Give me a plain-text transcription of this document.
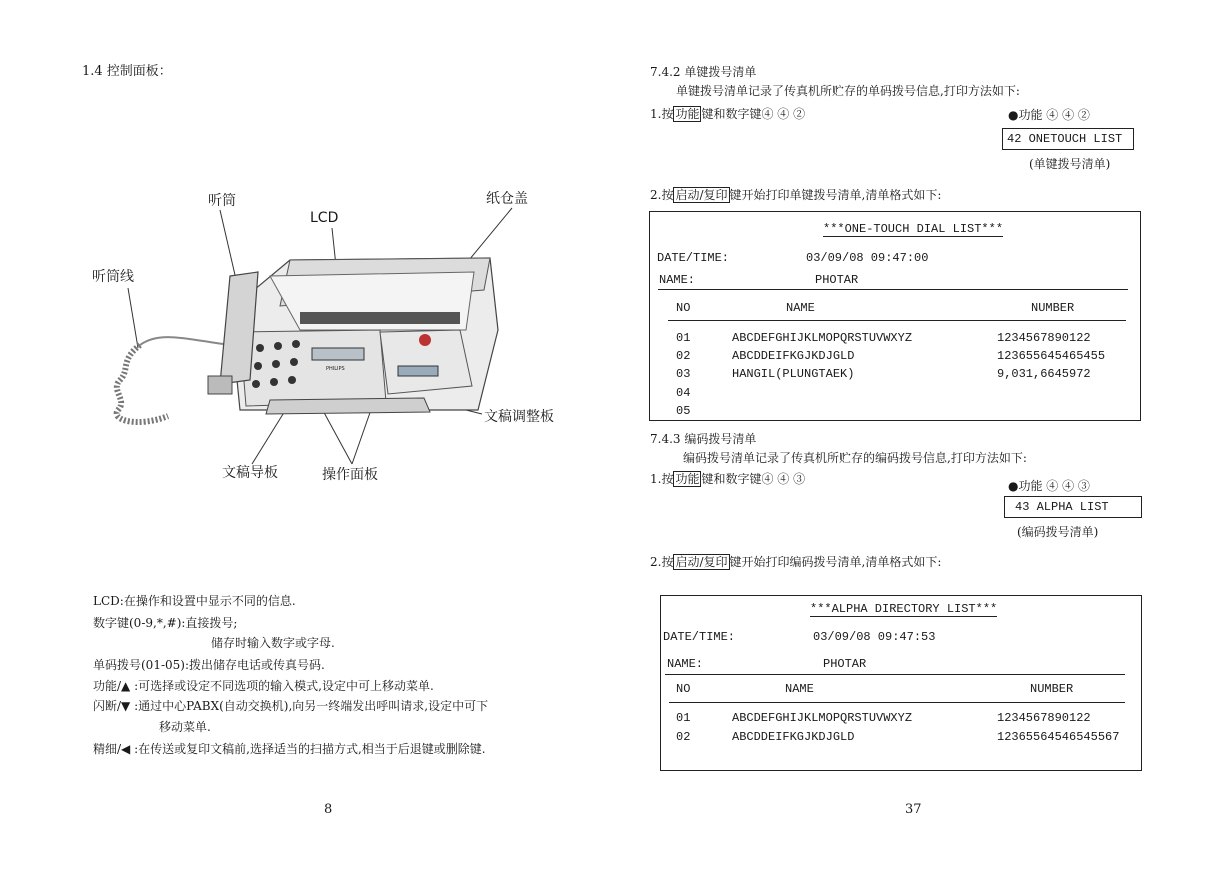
1.4 控制面板：
PHILIPS
听筒
LCD
纸仓盖
听筒线
文稿调整板
文稿导板	操作面板
LCD:在操作和设置中显示不同的信息.
数字键(0-9,*,#):直接拨号;
储存时输入数字或字母.
单码拨号(01-05):拨出储存电话或传真号码.
功能/▲ :可选择或设定不同选项的输入模式,设定中可上移动菜单.
闪断/▼ :通过中心PABX(自动交换机),向另一终端发出呼叫请求,设定中可下
移动菜单.
精细/◀ :在传送或复印文稿前,选择适当的扫描方式,相当于后退键或删除键.
8
7.4.2 单键拨号清单
单键拨号清单记录了传真机所贮存的单码拨号信息,打印方法如下:
1.按 功能 键和数字键④ ④ ②	●功能 ④ ④ ②
42 ONETOUCH LIST
(单键拨号清单)
2.按 启动/复印 键开始打印单键拨号清单,清单格式如下:
***ONE-TOUCH DIAL LIST***
DATE/TIME:	03/09/08 09:47:00
NAME:	PHOTAR
NO	NAME	NUMBER
01	ABCDEFGHIJKLMOPQRSTUVWXYZ	1234567890122
02	ABCDDEIFKGJKDJGLD	123655645465455
03	HANGIL(PLUNGTAEK)	9,031,6645972
04
05
7.4.3 编码拨号清单
编码拨号清单记录了传真机所贮存的编码拨号信息,打印方法如下:
1.按 功能 键和数字键④ ④ ③	●功能 ④ ④ ③
43 ALPHA LIST
(编码拨号清单)
2.按 启动/复印 键开始打印编码拨号清单,清单格式如下:
***ALPHA DIRECTORY LIST***
DATE/TIME:	03/09/08 09:47:53
NAME:	PHOTAR
NO	NAME	NUMBER
01	ABCDEFGHIJKLMOPQRSTUVWXYZ	1234567890122
02	ABCDDEIFKGJKDJGLD	12365564546545567
37
